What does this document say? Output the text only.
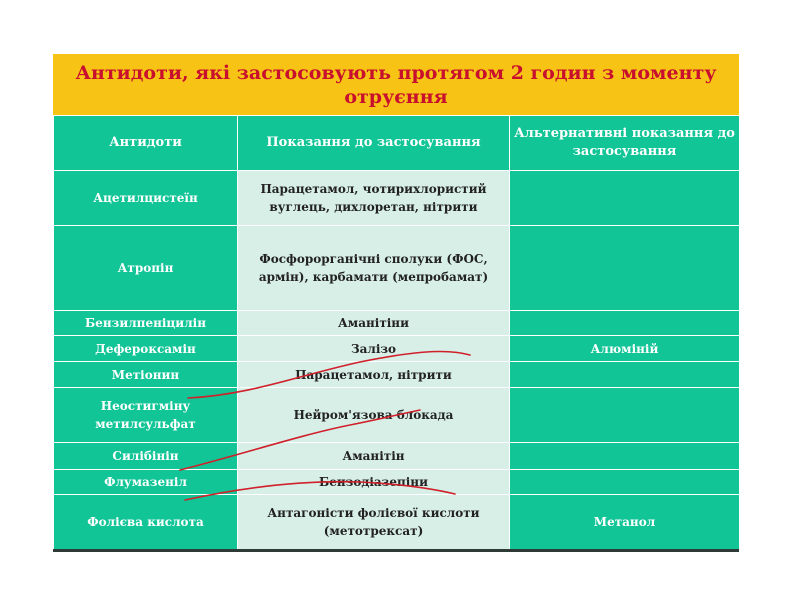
Антидоти, які застосовують протягом 2 годин з моменту отруєння
Антидоти	Показання до застосування	Альтернативні показання до застосування
Ацетилцистеїн	Парацетамол, чотирихлористий вуглець, дихлоретан, нітрити	
Атропін	Фосфорорганічні сполуки (ФОС, армін), карбамати (мепробамат)	
Бензилпеніцилін	Аманітіни	
Дефероксамін	Залізо	Алюміній
Метіонин	Парацетамол, нітрити	
Неостигміну метилсульфат	Нейром'язова блокада	
Силібінін	Аманітін	
Флумазеніл	Бензодіазепіни	
Фолієва кислота	Антагоністи фолієвої кислоти (метотрексат)	Метанол
